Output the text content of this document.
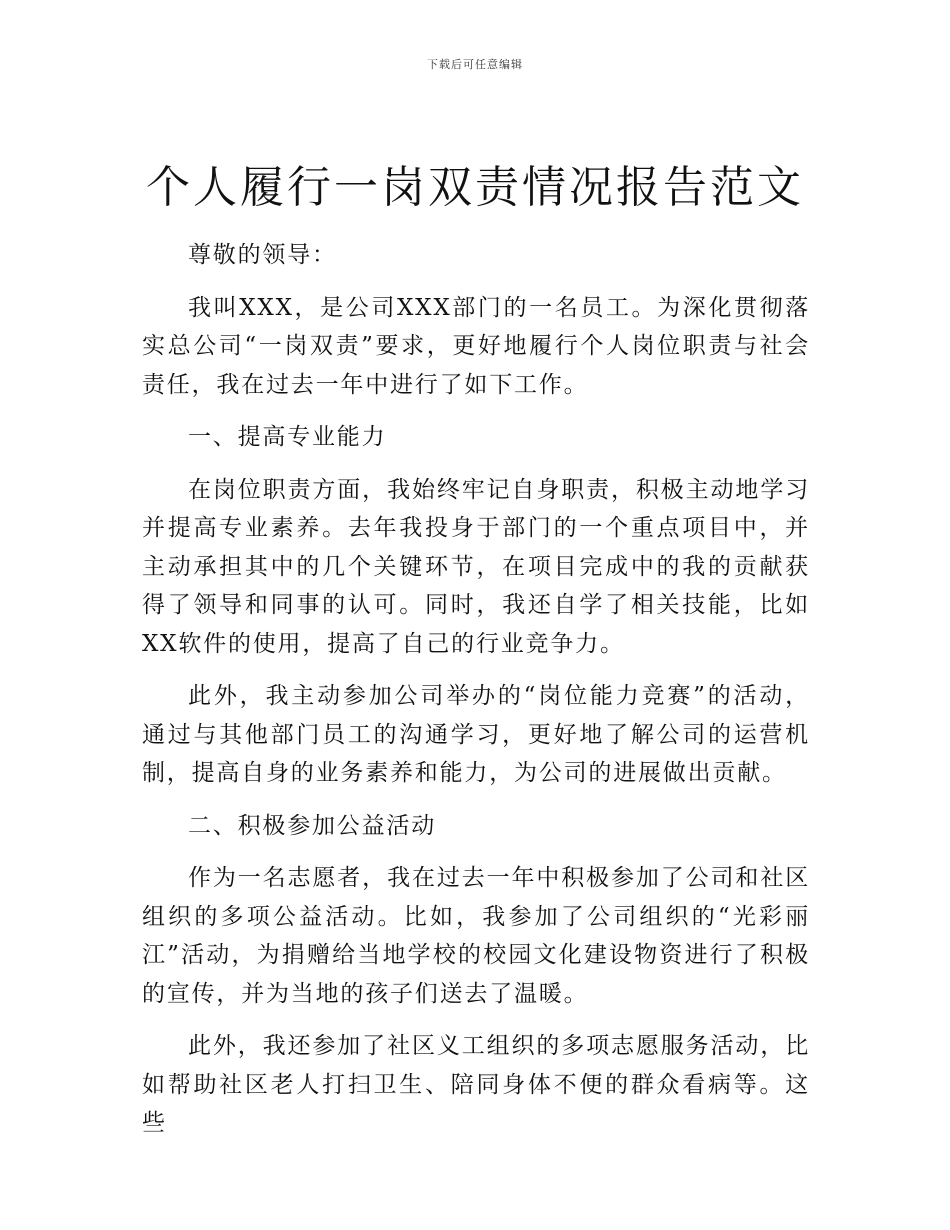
下载后可任意编辑
个人履行一岗双责情况报告范文

尊敬的领导：

我叫XXX，是公司XXX部门的一名员工。为深化贯彻落实总公司“一岗双责”要求，更好地履行个人岗位职责与社会责任，我在过去一年中进行了如下工作。

一、提高专业能力

在岗位职责方面，我始终牢记自身职责，积极主动地学习并提高专业素养。去年我投身于部门的一个重点项目中，并主动承担其中的几个关键环节，在项目完成中的我的贡献获得了领导和同事的认可。同时，我还自学了相关技能，比如XX软件的使用，提高了自己的行业竞争力。

此外，我主动参加公司举办的“岗位能力竞赛”的活动，通过与其他部门员工的沟通学习，更好地了解公司的运营机制，提高自身的业务素养和能力，为公司的进展做出贡献。

二、积极参加公益活动

作为一名志愿者，我在过去一年中积极参加了公司和社区组织的多项公益活动。比如，我参加了公司组织的“光彩丽江”活动，为捐赠给当地学校的校园文化建设物资进行了积极的宣传，并为当地的孩子们送去了温暖。

此外，我还参加了社区义工组织的多项志愿服务活动，比如帮助社区老人打扫卫生、陪同身体不便的群众看病等。这些
